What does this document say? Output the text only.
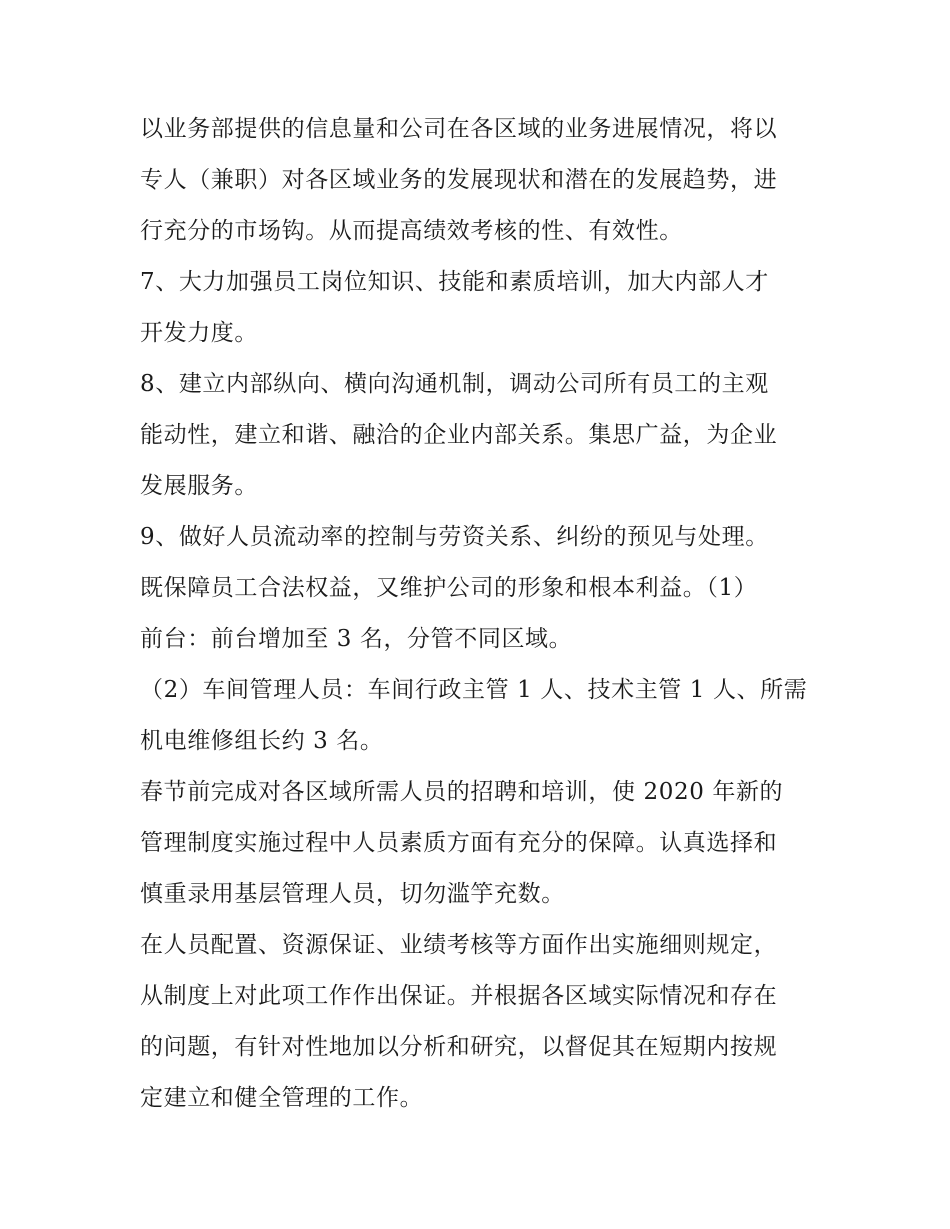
以业务部提供的信息量和公司在各区域的业务进展情况，将以

专人（兼职）对各区域业务的发展现状和潜在的发展趋势，进

行充分的市场钩。从而提高绩效考核的性、有效性。

7、大力加强员工岗位知识、技能和素质培训，加大内部人才

开发力度。

8、建立内部纵向、横向沟通机制，调动公司所有员工的主观

能动性，建立和谐、融洽的企业内部关系。集思广益，为企业

发展服务。

9、做好人员流动率的控制与劳资关系、纠纷的预见与处理。

既保障员工合法权益，又维护公司的形象和根本利益。（1）

前台：前台增加至 3 名，分管不同区域。

（2）车间管理人员：车间行政主管 1 人、技术主管 1 人、所需

机电维修组长约 3 名。

春节前完成对各区域所需人员的招聘和培训，使 2020 年新的

管理制度实施过程中人员素质方面有充分的保障。认真选择和

慎重录用基层管理人员，切勿滥竽充数。

在人员配置、资源保证、业绩考核等方面作出实施细则规定，

从制度上对此项工作作出保证。并根据各区域实际情况和存在

的问题，有针对性地加以分析和研究，以督促其在短期内按规

定建立和健全管理的工作。
